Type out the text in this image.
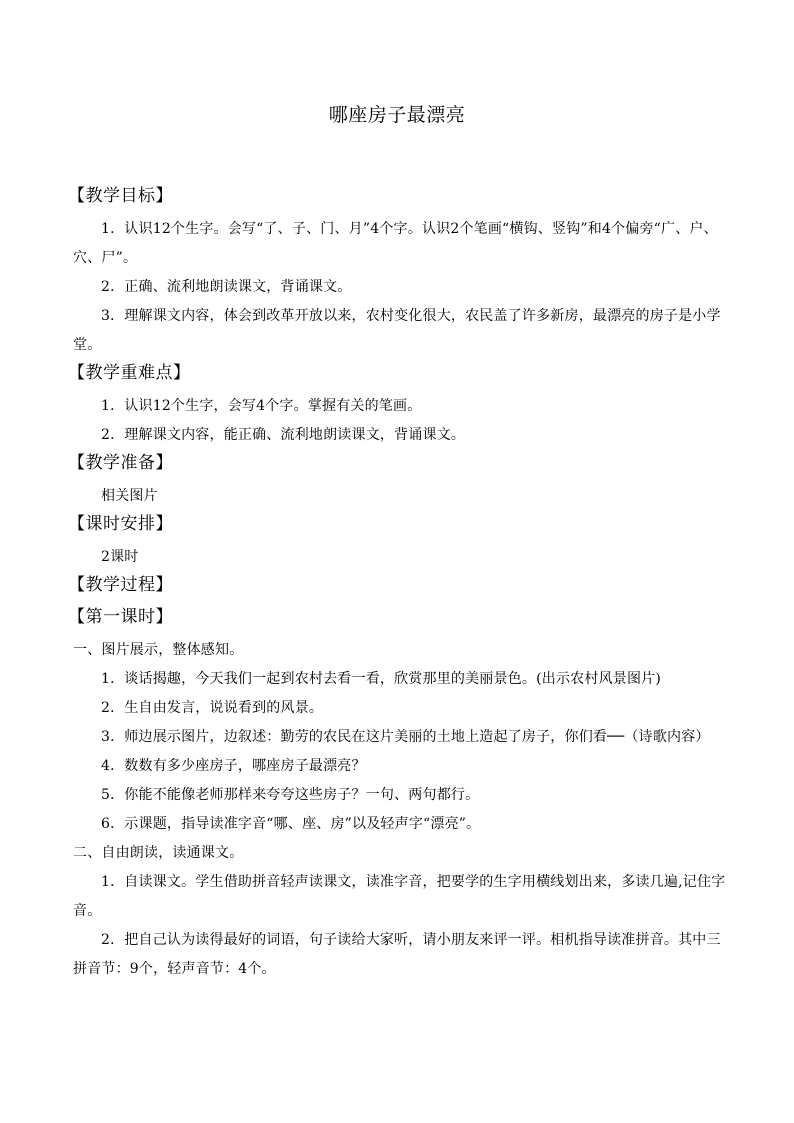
哪座房子最漂亮
【教学目标】

1．认识12个生字。会写“了、子、门、月”4个字。认识2个笔画“横钩、竖钩”和4个偏旁“广、户、穴、尸”。

2．正确、流利地朗读课文，背诵课文。

3．理解课文内容，体会到改革开放以来，农村变化很大，农民盖了许多新房，最漂亮的房子是小学堂。

【教学重难点】

1．认识12个生字，会写4个字。掌握有关的笔画。

2．理解课文内容，能正确、流利地朗读课文，背诵课文。

【教学准备】

相关图片

【课时安排】

2课时

【教学过程】
【第一课时】

一、图片展示，整体感知。

1．谈话揭趣，今天我们一起到农村去看一看，欣赏那里的美丽景色。(出示农村风景图片)

2．生自由发言，说说看到的风景。

3．师边展示图片，边叙述：勤劳的农民在这片美丽的土地上造起了房子，你们看──（诗歌内容）

4．数数有多少座房子，哪座房子最漂亮？

5．你能不能像老师那样来夸夸这些房子？一句、两句都行。

6．示课题，指导读准字音“哪、座、房”以及轻声字“漂亮”。

二、自由朗读，读通课文。

1．自读课文。学生借助拼音轻声读课文，读准字音，把要学的生字用横线划出来，多读几遍,记住字音。

2．把自己认为读得最好的词语，句子读给大家听，请小朋友来评一评。相机指导读准拼音。其中三拼音节：9个，轻声音节：4个。
